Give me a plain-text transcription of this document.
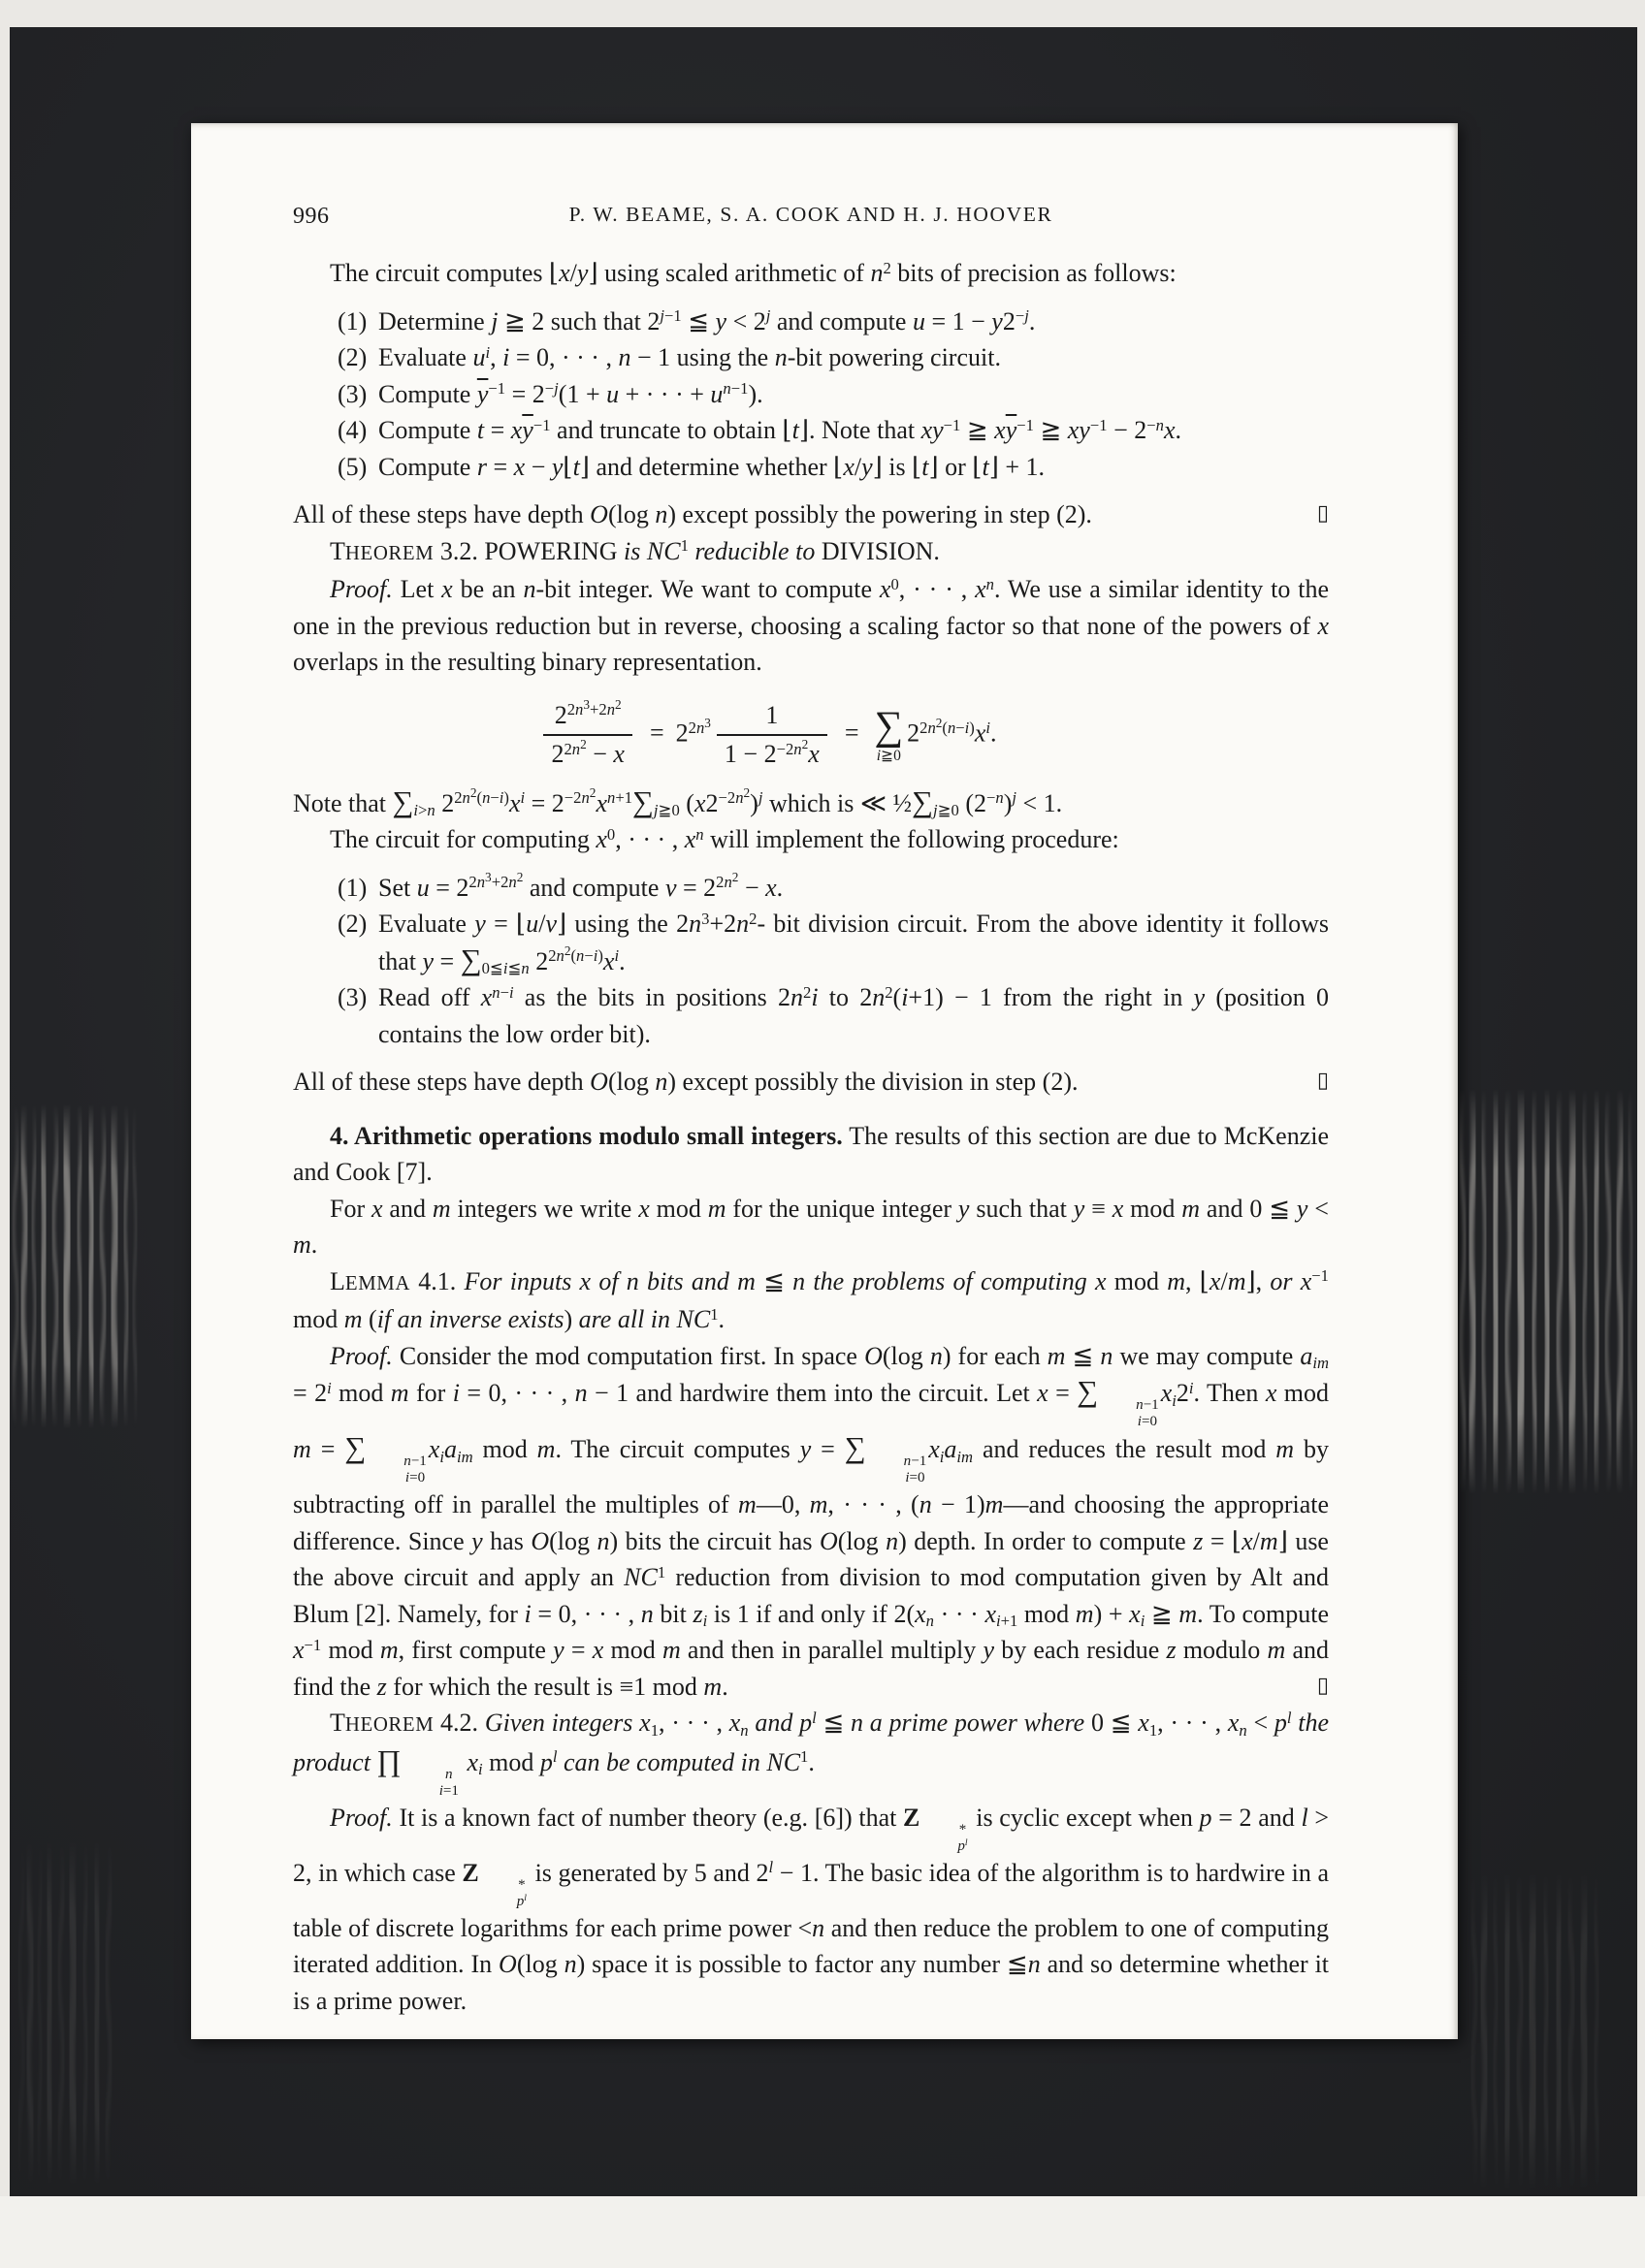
996	P. W. BEAME, S. A. COOK AND H. J. HOOVER
The circuit computes ⌊x/y⌋ using scaled arithmetic of $n^2$ bits of precision as follows:
(1) Determine j ≧ 2 such that $2^{j-1}$ ≦ $y < 2^j$ and compute $u = 1 - y2^{-j}$.
(2) Evaluate $u^i$, i = 0, · · · , n − 1 using the n-bit powering circuit.
(3) Compute $\overline{y}^{-1} = 2^{-j}(1 + u$ + · · · + $u^{n-1}$).
(4) Compute $t = x\overline{y}^{-1}$ and truncate to obtain ⌊t⌋. Note that $xy^{-1}$ ≧ $x\overline{y}^{-1}$ ≧ $xy^{-1} - 2^{-n}x$.
(5) Compute r = x − y⌊t⌋ and determine whether ⌊x/y⌋ is ⌊t⌋ or ⌊t⌋ + 1.
All of these steps have depth O(log n) except possibly the powering in step (2).	▯
THEOREM 3.2. POWERING is $NC^1$ reducible to DIVISION.
Proof. Let x be an n-bit integer. We want to compute $x^0$, · · · , $x^n$. We use a similar identity to the one in the previous reduction but in reverse, choosing a scaling factor so that none of the powers of x overlaps in the resulting binary representation.
$\frac{2^{2n^3+2n^2}}{2^{2n^2} - x} = 2^{2n^3} \frac{1}{1 - 2^{-2n^2}x}$ = ∑
i≧0
$2^{2n^2(n-i)}x^i$.
Note that $\sum_{i>n}$ $2^{2n^2(n-i)}x^i = 2^{-2n^2}x^{n+1}\sum_{j≧0}$ $(x2^{-2n^2})^j$ which is ≪ $\frac{1}{2}\sum_{j≧0}$ $(2^{-n})^j < 1$.
The circuit for computing $x^0$, · · · , $x^n$ will implement the following procedure:
(1) Set $u = 2^{2n^3+2n^2}$ and compute $\nu = 2^{2n^2} - x$.
(2) Evaluate y = ⌊u/ν⌋ using the $2n^3+2n^2-$ bit division circuit. From the above identity it follows that $y = \sum_{0≦i≦n}$ $2^{2n^2(n-i)}x^i$.
(3) Read off $x^{n-i}$ as the bits in positions $2n^2i$ to $2n^2(i+1) - 1$ from the right in y (position 0 contains the low order bit).
All of these steps have depth O(log n) except possibly the division in step (2).	▯
4. Arithmetic operations modulo small integers. The results of this section are due to McKenzie and Cook [7].
For x and m integers we write x mod m for the unique integer y such that y ≡ x mod m and 0 ≦ y < m.
LEMMA 4.1. For inputs x of n bits and m ≦ n the problems of computing x mod m, ⌊x/m⌋, or $x^{-1}$ mod m (if an inverse exists) are all in $NC^1$.
Proof. Consider the mod computation first. In space O(log n) for each m ≦ n we may compute $a_{im} = 2^i$ mod m for i = 0, · · · , n − 1 and hardwire them into the circuit. Let x = ∑	n−1
i=0
$x_i2^i$. Then x mod m = ∑	n−1
i=0
$x_ia_{im}$ mod m. The circuit computes y = ∑	n−1
i=0
$x_ia_{im}$ and reduces the result mod m by subtracting off in parallel the multiples of m—0, m, · · · , (n − 1)m—and choosing the appropriate difference. Since y has O(log n) bits the circuit has O(log n) depth. In order to compute z = ⌊x/m⌋ use the above circuit and apply an $NC^1$ reduction from division to mod computation given by Alt and Blum [2]. Namely, for i = 0, · · · , n bit $z_i$ is 1 if and only if $2(x_n$ · · · $x_{i+1}$ mod $m) + x_i$ ≧ m. To compute $x^{-1}$ mod m, first compute y = x mod m and then in parallel multiply y by each residue z modulo m and find the z for which the result is ≡1 mod m.	▯
THEOREM 4.2. Given integers $x_1$, · · · , $x_n$ and $p^l$ ≦ n a prime power where 0 ≦ $x_1$, · · · , $x_n < p^l$ the product ∏	n
i=1
$x_i$ mod $p^l$ can be computed in $NC^1$.
Proof. It is a known fact of number theory (e.g. [6]) that Z	*
$p^l$
is cyclic except when p = 2 and l > 2, in which case Z	*
$p^l$
is generated by 5 and $2^l - 1$. The basic idea of the algorithm is to hardwire in a table of discrete logarithms for each prime power <n and then reduce the problem to one of computing iterated addition. In O(log n) space it is possible to factor any number ≦n and so determine whether it is a prime power.
